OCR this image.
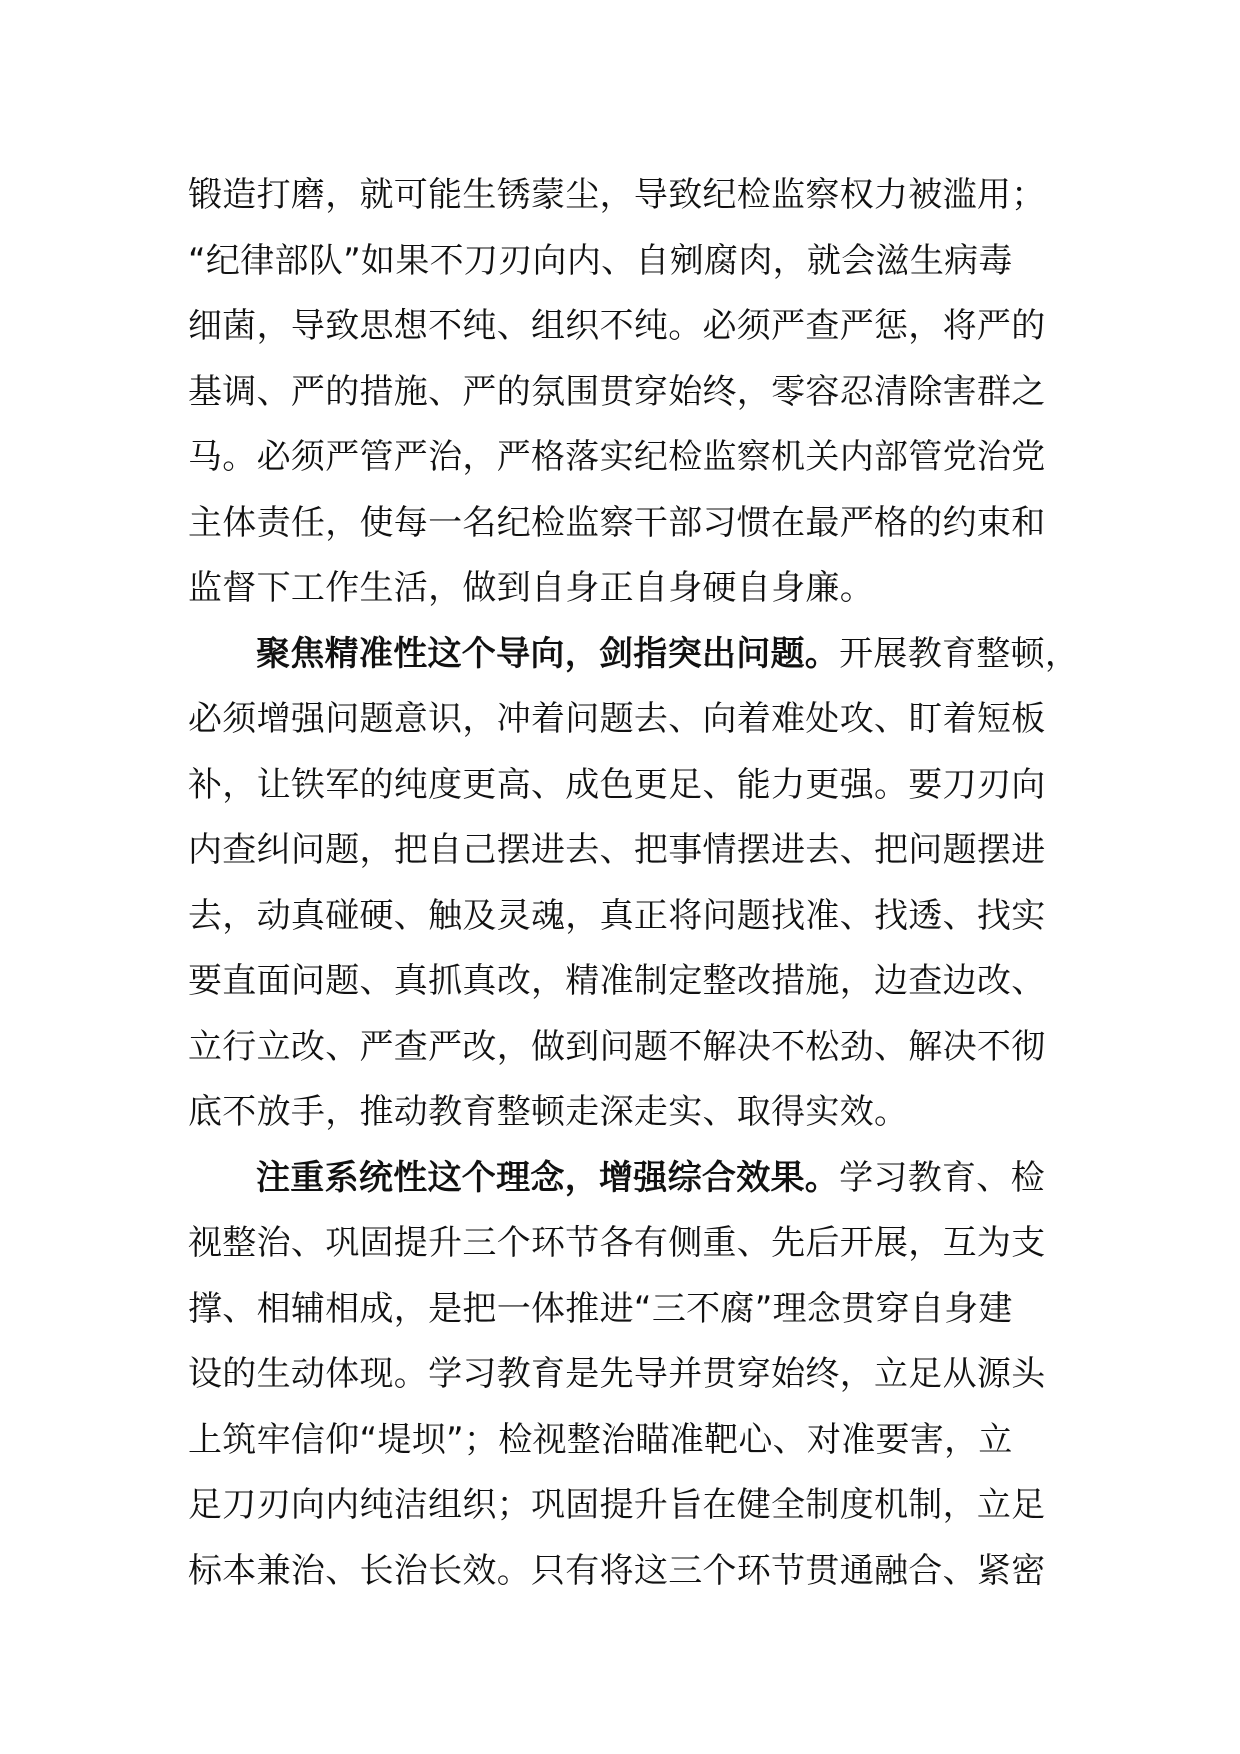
锻造打磨，就可能生锈蒙尘，导致纪检监察权力被滥用；
“纪律部队”如果不刀刃向内、自剜腐肉，就会滋生病毒
细菌，导致思想不纯、组织不纯。必须严查严惩，将严的
基调、严的措施、严的氛围贯穿始终，零容忍清除害群之
马。必须严管严治，严格落实纪检监察机关内部管党治党
主体责任，使每一名纪检监察干部习惯在最严格的约束和
监督下工作生活，做到自身正自身硬自身廉。
聚焦精准性这个导向，剑指突出问题。开展教育整顿，
必须增强问题意识，冲着问题去、向着难处攻、盯着短板
补，让铁军的纯度更高、成色更足、能力更强。要刀刃向
内查纠问题，把自己摆进去、把事情摆进去、把问题摆进
去，动真碰硬、触及灵魂，真正将问题找准、找透、找实
要直面问题、真抓真改，精准制定整改措施，边查边改、
立行立改、严查严改，做到问题不解决不松劲、解决不彻
底不放手，推动教育整顿走深走实、取得实效。
注重系统性这个理念，增强综合效果。学习教育、检
视整治、巩固提升三个环节各有侧重、先后开展，互为支
撑、相辅相成，是把一体推进“三不腐”理念贯穿自身建
设的生动体现。学习教育是先导并贯穿始终，立足从源头
上筑牢信仰“堤坝”；检视整治瞄准靶心、对准要害，立
足刀刃向内纯洁组织；巩固提升旨在健全制度机制，立足
标本兼治、长治长效。只有将这三个环节贯通融合、紧密
